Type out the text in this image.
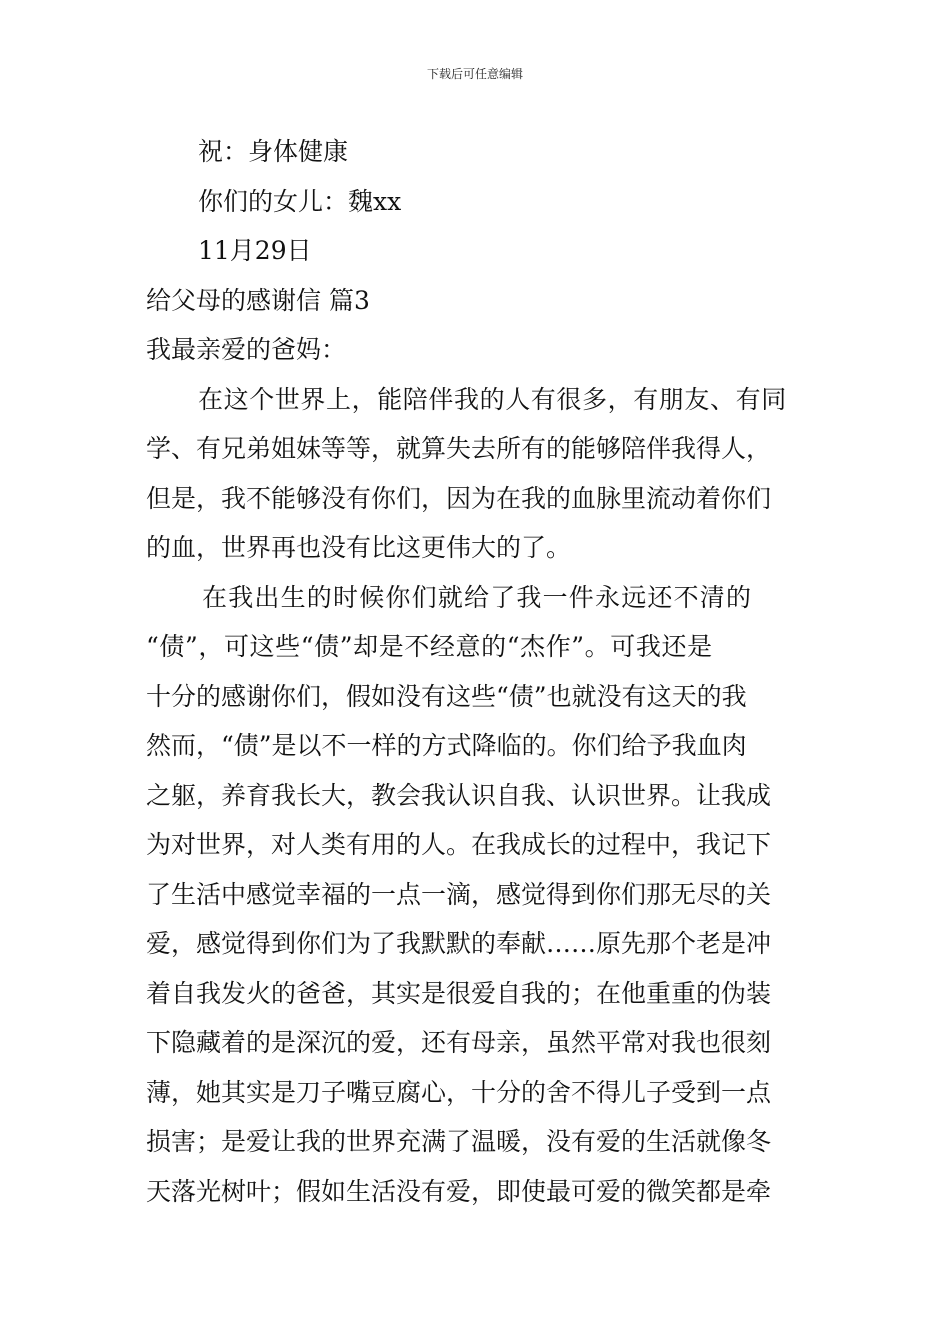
下载后可任意编辑
祝：身体健康
你们的女儿：魏xx
11月29日
给父母的感谢信 篇3
我最亲爱的爸妈：
在这个世界上，能陪伴我的人有很多，有朋友、有同
学、有兄弟姐妹等等，就算失去所有的能够陪伴我得人，
但是，我不能够没有你们，因为在我的血脉里流动着你们
的血，世界再也没有比这更伟大的了。
在我出生的时候你们就给了我一件永远还不清的
“债”，可这些“债”却是不经意的“杰作”。可我还是
十分的感谢你们，假如没有这些“债”也就没有这天的我
然而，“债”是以不一样的方式降临的。你们给予我血肉
之躯，养育我长大，教会我认识自我、认识世界。让我成
为对世界，对人类有用的人。在我成长的过程中，我记下
了生活中感觉幸福的一点一滴，感觉得到你们那无尽的关
爱，感觉得到你们为了我默默的奉献……原先那个老是冲
着自我发火的爸爸，其实是很爱自我的；在他重重的伪装
下隐藏着的是深沉的爱，还有母亲，虽然平常对我也很刻
薄，她其实是刀子嘴豆腐心，十分的舍不得儿子受到一点
损害；是爱让我的世界充满了温暖，没有爱的生活就像冬
天落光树叶；假如生活没有爱，即使最可爱的微笑都是牵
